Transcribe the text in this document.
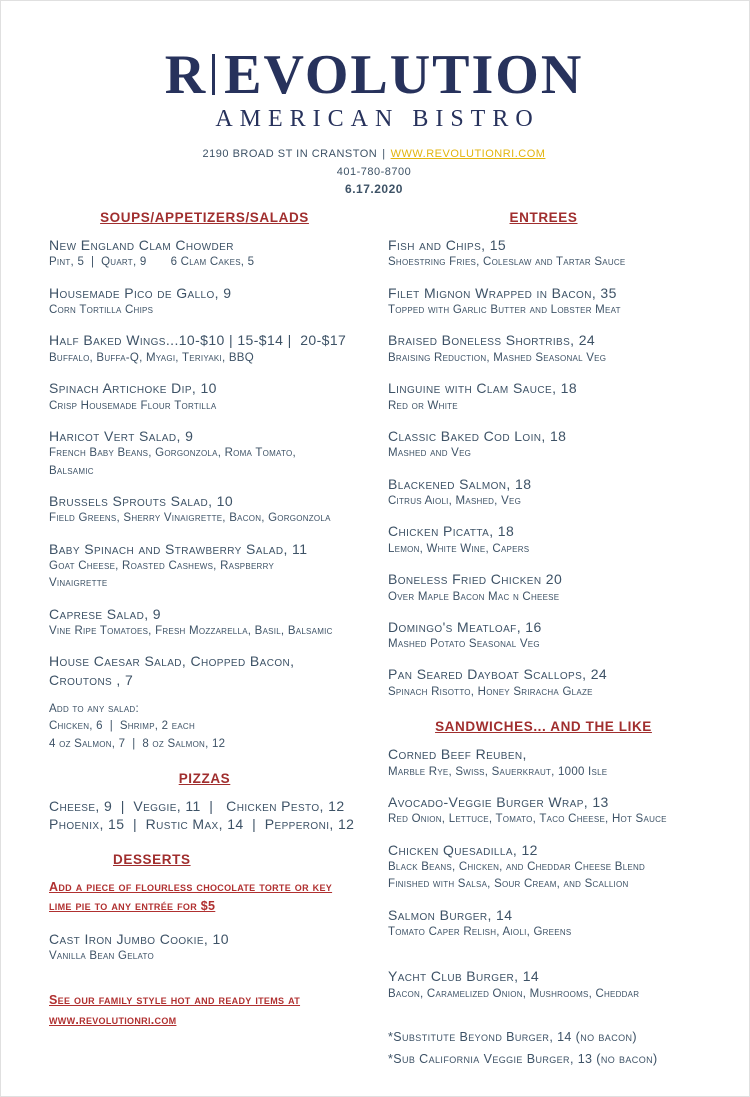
R EVOLUTION
AMERICAN BISTRO
2190 BROAD ST IN CRANSTON | WWW.REVOLUTIONRI.COM
401-780-8700
6.17.2020
SOUPS/APPETIZERS/SALADS
New England Clam Chowder
Pint, 5  |  Quart, 9       6 Clam Cakes, 5
Housemade Pico de Gallo, 9
Corn Tortilla Chips
Half Baked Wings...10-$10 | 15-$14 |  20-$17
Buffalo, Buffa-Q, Myagi, Teriyaki, BBQ
Spinach Artichoke Dip, 10
Crisp Housemade Flour Tortilla
Haricot Vert Salad, 9
French Baby Beans, Gorgonzola, Roma Tomato,
Balsamic
Brussels Sprouts Salad, 10
Field Greens, Sherry Vinaigrette, Bacon, Gorgonzola
Baby Spinach and Strawberry Salad, 11
Goat Cheese, Roasted Cashews, Raspberry
Vinaigrette
Caprese Salad, 9
Vine Ripe Tomatoes, Fresh Mozzarella, Basil, Balsamic
House Caesar Salad, Chopped Bacon,
Croutons , 7
Add to any salad:
Chicken, 6  |  Shrimp, 2 each
4 oz Salmon, 7  |  8 oz Salmon, 12
PIZZAS
Cheese, 9  |  Veggie, 11  |   Chicken Pesto, 12
Phoenix, 15  |  Rustic Max, 14  |  Pepperoni, 12
DESSERTS
Add a piece of flourless chocolate torte or key
lime pie to any entrée for $5
Cast Iron Jumbo Cookie, 10
Vanilla Bean Gelato
See our family style hot and ready items at
www.revolutionri.com
ENTREES
Fish and Chips, 15
Shoestring Fries, Coleslaw and Tartar Sauce
Filet Mignon Wrapped in Bacon, 35
Topped with Garlic Butter and Lobster Meat
Braised Boneless Shortribs, 24
Braising Reduction, Mashed Seasonal Veg
Linguine with Clam Sauce, 18
Red or White
Classic Baked Cod Loin, 18
Mashed and Veg
Blackened Salmon, 18
Citrus Aioli, Mashed, Veg
Chicken Picatta, 18
Lemon, White Wine, Capers
Boneless Fried Chicken 20
Over Maple Bacon Mac n Cheese
Domingo's Meatloaf, 16
Mashed Potato Seasonal Veg
Pan Seared Dayboat Scallops, 24
Spinach Risotto, Honey Sriracha Glaze
SANDWICHES... AND THE LIKE
Corned Beef Reuben,
Marble Rye, Swiss, Sauerkraut, 1000 Isle
Avocado-Veggie Burger Wrap, 13
Red Onion, Lettuce, Tomato, Taco Cheese, Hot Sauce
Chicken Quesadilla, 12
Black Beans, Chicken, and Cheddar Cheese Blend
Finished with Salsa, Sour Cream, and Scallion
Salmon Burger, 14
Tomato Caper Relish, Aioli, Greens
Yacht Club Burger, 14
Bacon, Caramelized Onion, Mushrooms, Cheddar
*Substitute Beyond Burger, 14 (no bacon)
*Sub California Veggie Burger, 13 (no bacon)
